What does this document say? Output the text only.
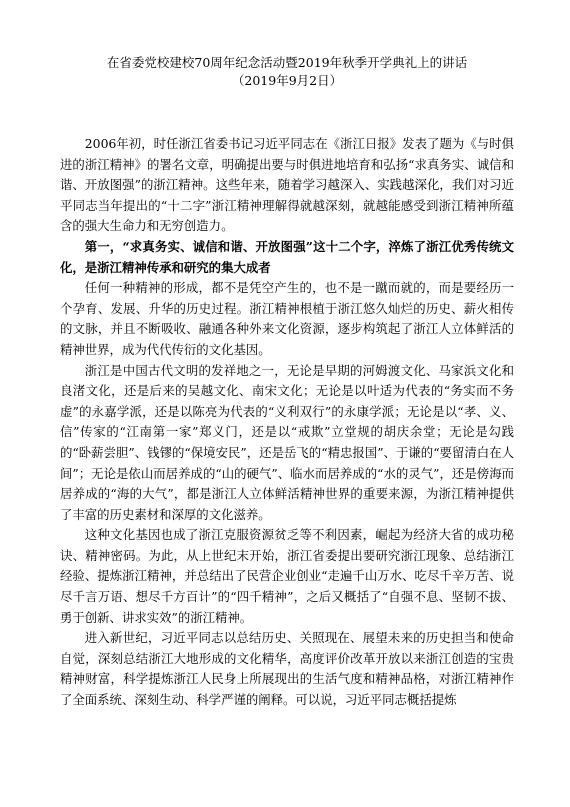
在省委党校建校70周年纪念活动暨2019年秋季开学典礼上的讲话

（2019年9月2日）

2006年初，时任浙江省委书记习近平同志在《浙江日报》发表了题为《与时俱进的浙江精神》的署名文章，明确提出要与时俱进地培育和弘扬“求真务实、诚信和谐、开放图强”的浙江精神。这些年来，随着学习越深入、实践越深化，我们对习近平同志当年提出的“十二字”浙江精神理解得就越深刻，就越能感受到浙江精神所蕴含的强大生命力和无穷创造力。

第一，“求真务实、诚信和谐、开放图强”这十二个字，淬炼了浙江优秀传统文化，是浙江精神传承和研究的集大成者

任何一种精神的形成，都不是凭空产生的，也不是一蹴而就的，而是要经历一个孕育、发展、升华的历史过程。浙江精神根植于浙江悠久灿烂的历史、薪火相传的文脉，并且不断吸收、融通各种外来文化资源，逐步构筑起了浙江人立体鲜活的精神世界，成为代代传衍的文化基因。

浙江是中国古代文明的发祥地之一，无论是早期的河姆渡文化、马家浜文化和良渚文化，还是后来的吴越文化、南宋文化；无论是以叶适为代表的“务实而不务虚”的永嘉学派，还是以陈亮为代表的“义利双行”的永康学派；无论是以“孝、义、信”传家的“江南第一家”郑义门，还是以“戒欺”立堂规的胡庆余堂；无论是勾践的“卧薪尝胆”、钱镠的“保境安民”，还是岳飞的“精忠报国”、于谦的“要留清白在人间”；无论是依山而居养成的“山的硬气”、临水而居养成的“水的灵气”，还是傍海而居养成的“海的大气”，都是浙江人立体鲜活精神世界的重要来源，为浙江精神提供了丰富的历史素材和深厚的文化滋养。

这种文化基因也成了浙江克服资源贫乏等不利因素，崛起为经济大省的成功秘诀、精神密码。为此，从上世纪末开始，浙江省委提出要研究浙江现象、总结浙江经验、提炼浙江精神，并总结出了民营企业创业“走遍千山万水、吃尽千辛万苦、说尽千言万语、想尽千方百计”的“四千精神”，之后又概括了“自强不息、坚韧不拔、勇于创新、讲求实效”的浙江精神。

进入新世纪，习近平同志以总结历史、关照现在、展望未来的历史担当和使命自觉，深刻总结浙江大地形成的文化精华，高度评价改革开放以来浙江创造的宝贵精神财富，科学提炼浙江人民身上所展现出的生活气度和精神品格，对浙江精神作了全面系统、深刻生动、科学严谨的阐释。可以说，习近平同志概括提炼
